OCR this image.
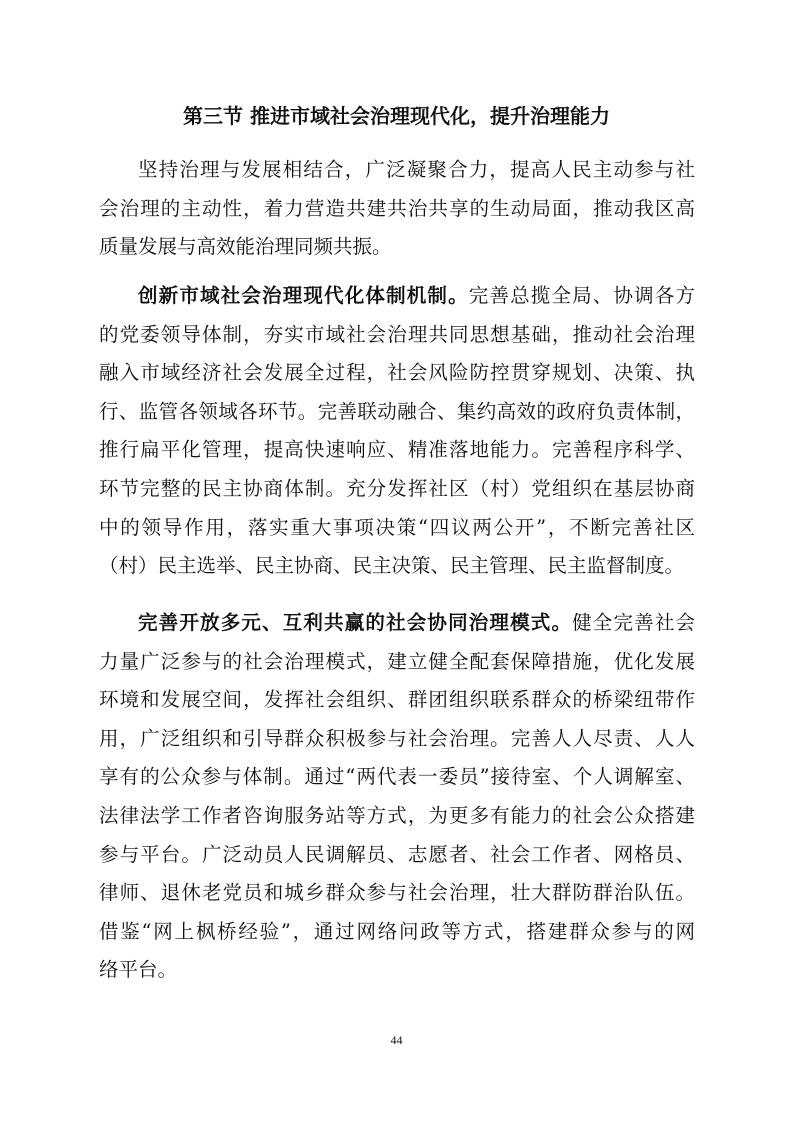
第三节 推进市域社会治理现代化，提升治理能力
坚持治理与发展相结合，广泛凝聚合力，提高人民主动参与社
会治理的主动性，着力营造共建共治共享的生动局面，推动我区高
质量发展与高效能治理同频共振。
创新市域社会治理现代化体制机制。完善总揽全局、协调各方
的党委领导体制，夯实市域社会治理共同思想基础，推动社会治理
融入市域经济社会发展全过程，社会风险防控贯穿规划、决策、执
行、监管各领域各环节。完善联动融合、集约高效的政府负责体制，
推行扁平化管理，提高快速响应、精准落地能力。完善程序科学、
环节完整的民主协商体制。充分发挥社区（村）党组织在基层协商
中的领导作用，落实重大事项决策“四议两公开”，不断完善社区
（村）民主选举、民主协商、民主决策、民主管理、民主监督制度。
完善开放多元、互利共赢的社会协同治理模式。健全完善社会
力量广泛参与的社会治理模式，建立健全配套保障措施，优化发展
环境和发展空间，发挥社会组织、群团组织联系群众的桥梁纽带作
用，广泛组织和引导群众积极参与社会治理。完善人人尽责、人人
享有的公众参与体制。通过“两代表一委员”接待室、个人调解室、
法律法学工作者咨询服务站等方式，为更多有能力的社会公众搭建
参与平台。广泛动员人民调解员、志愿者、社会工作者、网格员、
律师、退休老党员和城乡群众参与社会治理，壮大群防群治队伍。
借鉴“网上枫桥经验”，通过网络问政等方式，搭建群众参与的网
络平台。
44
